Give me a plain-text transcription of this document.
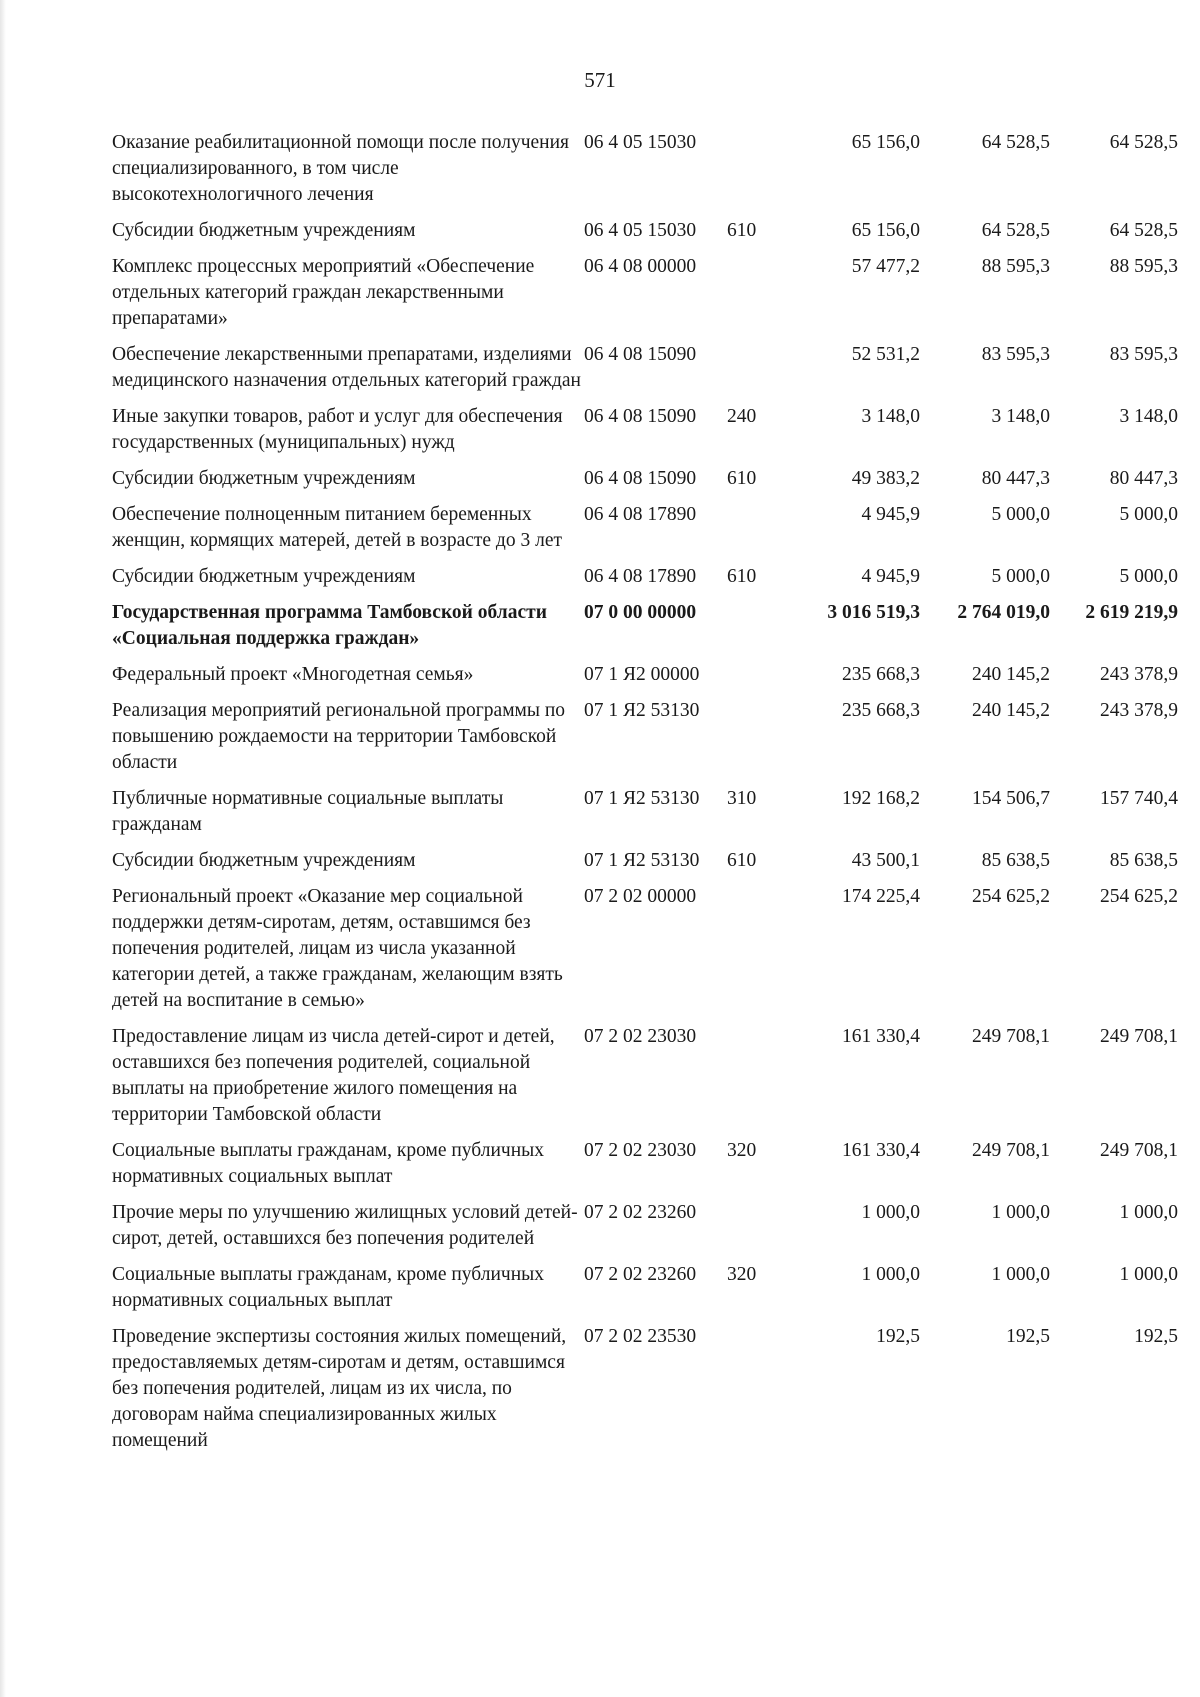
571
Оказание реабилитационной помощи после получения специализированного, в том числе высокотехнологичного лечения	06 4 05 15030		65 156,0	64 528,5	64 528,5
Субсидии бюджетным учреждениям	06 4 05 15030	610	65 156,0	64 528,5	64 528,5
Комплекс процессных мероприятий «Обеспечение отдельных категорий граждан лекарственными препаратами»	06 4 08 00000		57 477,2	88 595,3	88 595,3
Обеспечение лекарственными препаратами, изделиями медицинского назначения отдельных категорий граждан	06 4 08 15090		52 531,2	83 595,3	83 595,3
Иные закупки товаров, работ и услуг для обеспечения государственных (муниципальных) нужд	06 4 08 15090	240	3 148,0	3 148,0	3 148,0
Субсидии бюджетным учреждениям	06 4 08 15090	610	49 383,2	80 447,3	80 447,3
Обеспечение полноценным питанием беременных женщин, кормящих матерей, детей в возрасте до 3 лет	06 4 08 17890		4 945,9	5 000,0	5 000,0
Субсидии бюджетным учреждениям	06 4 08 17890	610	4 945,9	5 000,0	5 000,0
Государственная программа Тамбовской области «Социальная поддержка граждан»	07 0 00 00000		3 016 519,3	2 764 019,0	2 619 219,9
Федеральный проект «Многодетная семья»	07 1 Я2 00000		235 668,3	240 145,2	243 378,9
Реализация мероприятий региональной программы по повышению рождаемости на территории Тамбовской области	07 1 Я2 53130		235 668,3	240 145,2	243 378,9
Публичные нормативные социальные выплаты гражданам	07 1 Я2 53130	310	192 168,2	154 506,7	157 740,4
Субсидии бюджетным учреждениям	07 1 Я2 53130	610	43 500,1	85 638,5	85 638,5
Региональный проект «Оказание мер социальной поддержки детям-сиротам, детям, оставшимся без попечения родителей, лицам из числа указанной категории детей, а также гражданам, желающим взять детей на воспитание в семью»	07 2 02 00000		174 225,4	254 625,2	254 625,2
Предоставление лицам из числа детей-сирот и детей, оставшихся без попечения родителей, социальной выплаты на приобретение жилого помещения на территории Тамбовской области	07 2 02 23030		161 330,4	249 708,1	249 708,1
Социальные выплаты гражданам, кроме публичных нормативных социальных выплат	07 2 02 23030	320	161 330,4	249 708,1	249 708,1
Прочие меры по улучшению жилищных условий детей-сирот, детей, оставшихся без попечения родителей	07 2 02 23260		1 000,0	1 000,0	1 000,0
Социальные выплаты гражданам, кроме публичных нормативных социальных выплат	07 2 02 23260	320	1 000,0	1 000,0	1 000,0
Проведение экспертизы состояния жилых помещений, предоставляемых детям-сиротам и детям, оставшимся без попечения родителей, лицам из их числа, по договорам найма специализированных жилых помещений	07 2 02 23530		192,5	192,5	192,5
